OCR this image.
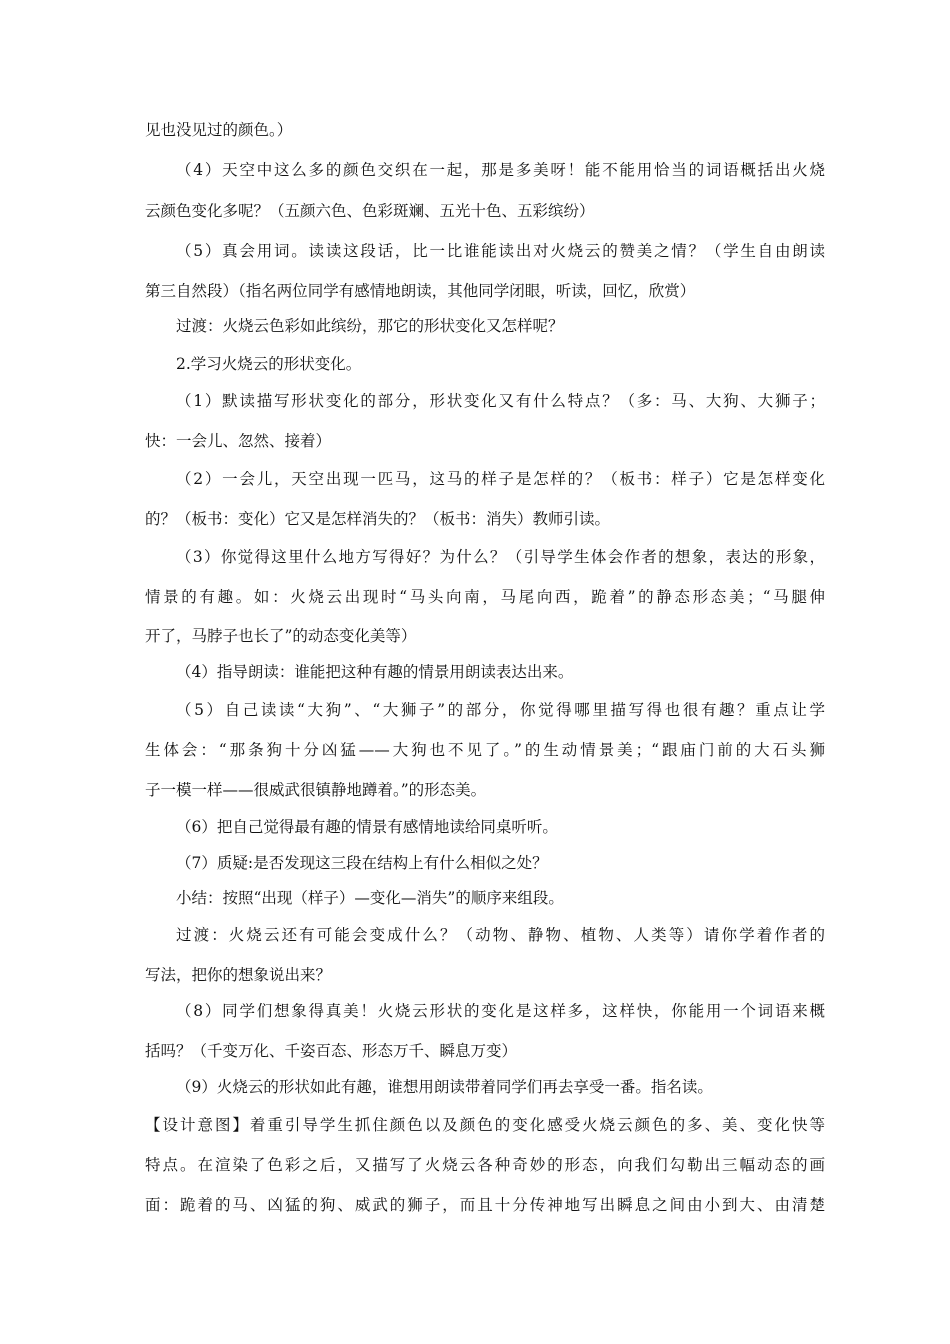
见也没见过的颜色。）
（4）天空中这么多的颜色交织在一起，那是多美呀！能不能用恰当的词语概括出火烧
云颜色变化多呢？（五颜六色、色彩斑斓、五光十色、五彩缤纷）
（5）真会用词。读读这段话，比一比谁能读出对火烧云的赞美之情？（学生自由朗读
第三自然段）（指名两位同学有感情地朗读，其他同学闭眼，听读，回忆，欣赏）
过渡：火烧云色彩如此缤纷，那它的形状变化又怎样呢？
2.学习火烧云的形状变化。
（1）默读描写形状变化的部分，形状变化又有什么特点？（多：马、大狗、大狮子；
快：一会儿、忽然、接着）
（2）一会儿，天空出现一匹马，这马的样子是怎样的？（板书：样子）它是怎样变化
的？（板书：变化）它又是怎样消失的？（板书：消失）教师引读。
（3）你觉得这里什么地方写得好？为什么？（引导学生体会作者的想象，表达的形象，
情景的有趣。如：火烧云出现时“马头向南，马尾向西，跪着”的静态形态美；“马腿伸
开了，马脖子也长了”的动态变化美等）
（4）指导朗读：谁能把这种有趣的情景用朗读表达出来。
（5）自己读读“大狗”、“大狮子”的部分，你觉得哪里描写得也很有趣？重点让学
生体会：“那条狗十分凶猛——大狗也不见了。”的生动情景美；“跟庙门前的大石头狮
子一模一样——很威武很镇静地蹲着。”的形态美。
（6）把自己觉得最有趣的情景有感情地读给同桌听听。
（7）质疑:是否发现这三段在结构上有什么相似之处？
小结：按照“出现（样子）—变化—消失”的顺序来组段。
过渡：火烧云还有可能会变成什么？（动物、静物、植物、人类等）请你学着作者的
写法，把你的想象说出来？
（8）同学们想象得真美！火烧云形状的变化是这样多，这样快，你能用一个词语来概
括吗？（千变万化、千姿百态、形态万千、瞬息万变）
（9）火烧云的形状如此有趣，谁想用朗读带着同学们再去享受一番。指名读。
【设计意图】着重引导学生抓住颜色以及颜色的变化感受火烧云颜色的多、美、变化快等
特点。在渲染了色彩之后，又描写了火烧云各种奇妙的形态，向我们勾勒出三幅动态的画
面：跪着的马、凶猛的狗、威武的狮子，而且十分传神地写出瞬息之间由小到大、由清楚
